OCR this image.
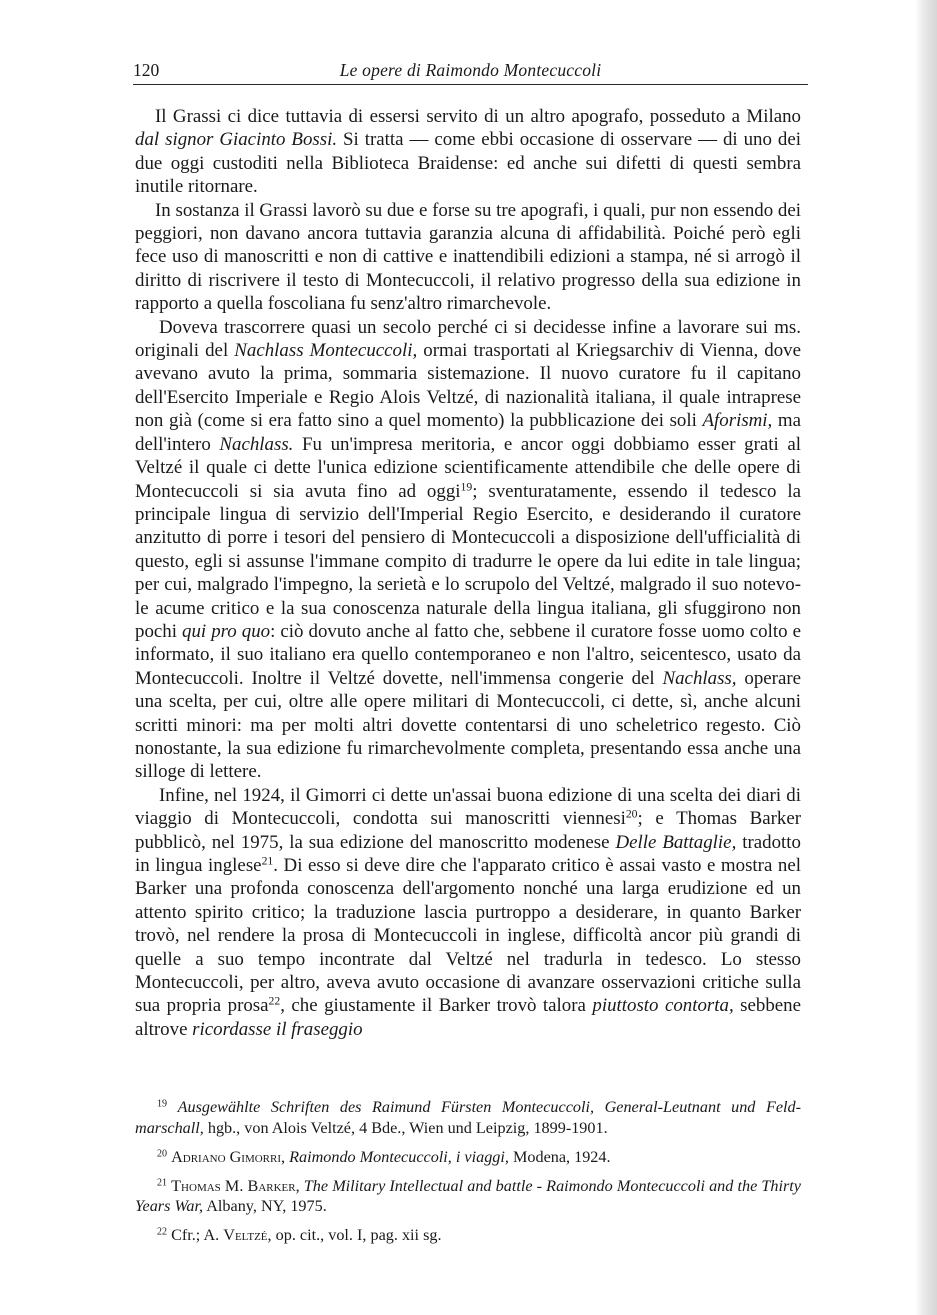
120	Le opere di Raimondo Montecuccoli

Il Grassi ci dice tuttavia di essersi servito di un altro apografo, posseduto a Milano dal signor Giacinto Bossi. Si tratta — come ebbi occasione di osservare — di uno dei due oggi custoditi nella Biblioteca Braidense: ed anche sui difetti di questi sembra inutile ritornare.

In sostanza il Grassi lavorò su due e forse su tre apografi, i quali, pur non essendo dei peggiori, non davano ancora tuttavia garanzia alcuna di affidabilità. Poiché però egli fece uso di manoscritti e non di cattive e inattendibili edizioni a stampa, né si arrogò il diritto di riscrivere il testo di Montecuccoli, il relativo progresso della sua edizione in rapporto a quella foscoliana fu senz'altro rimarchevole.

Doveva trascorrere quasi un secolo perché ci si decidesse infine a lavorare sui ms. originali del Nachlass Montecuccoli, ormai trasportati al Kriegsarchiv di Vienna, dove avevano avuto la prima, sommaria sistemazione. Il nuovo curatore fu il capitano dell'Esercito Imperiale e Regio Alois Veltzé, di nazionalità italiana, il quale intraprese non già (come si era fatto sino a quel momento) la pubblicazione dei soli Aforismi, ma dell'intero Nachlass. Fu un'impresa meritoria, e ancor oggi dobbiamo esser grati al Veltzé il quale ci dette l'unica edizione scientificamente attendibile che delle opere di Montecuccoli si sia avuta fino ad oggi$^{19}$; sventuratamente, essendo il tedesco la principale lingua di servizio dell'Imperial Regio Esercito, e desiderando il curatore anzitutto di porre i tesori del pensiero di Montecuccoli a disposizione dell'ufficialità di questo, egli si assunse l'immane compito di tradurre le opere da lui edite in tale lingua; per cui, malgrado l'impegno, la serietà e lo scrupolo del Veltzé, malgrado il suo notevole acume critico e la sua conoscenza naturale della lingua italiana, gli sfuggirono non pochi qui pro quo: ciò dovuto anche al fatto che, sebbene il curatore fosse uomo colto e informato, il suo italiano era quello contemporaneo e non l'altro, seicentesco, usato da Montecuccoli. Inoltre il Veltzé dovette, nell'immensa congerie del Nachlass, operare una scelta, per cui, oltre alle opere militari di Montecuccoli, ci dette, sì, anche alcuni scritti minori: ma per molti altri dovette contentarsi di uno scheletrico regesto. Ciò nonostante, la sua edizione fu rimarchevolmente completa, presentando essa anche una silloge di lettere.

Infine, nel 1924, il Gimorri ci dette un'assai buona edizione di una scelta dei diari di viaggio di Montecuccoli, condotta sui manoscritti viennesi$^{20}$; e Thomas Barker pubblicò, nel 1975, la sua edizione del manoscritto modenese Delle Battaglie, tradotto in lingua inglese$^{21}$. Di esso si deve dire che l'apparato critico è assai vasto e mostra nel Barker una profonda conoscenza dell'argomento nonché una larga erudizione ed un attento spirito critico; la traduzione lascia purtroppo a desiderare, in quanto Barker trovò, nel rendere la prosa di Montecuccoli in inglese, difficoltà ancor più grandi di quelle a suo tempo incontrate dal Veltzé nel tradurla in tedesco. Lo stesso Montecuccoli, per altro, aveva avuto occasione di avanzare osservazioni critiche sulla sua propria prosa$^{22}$, che giustamente il Barker trovò talora piuttosto contorta, sebbene altrove ricordasse il fraseggio

$^{19}$ Ausgewählte Schriften des Raimund Fürsten Montecuccoli, General-Leutnant und Feldmarschall, hgb., von Alois Veltzé, 4 Bde., Wien und Leipzig, 1899-1901.

$^{20}$ Adriano Gimorri, Raimondo Montecuccoli, i viaggi, Modena, 1924.

$^{21}$ Thomas M. Barker, The Military Intellectual and battle - Raimondo Montecuccoli and the Thirty Years War, Albany, NY, 1975.

$^{22}$ Cfr.; A. Veltzé, op. cit., vol. I, pag. xii sg.
